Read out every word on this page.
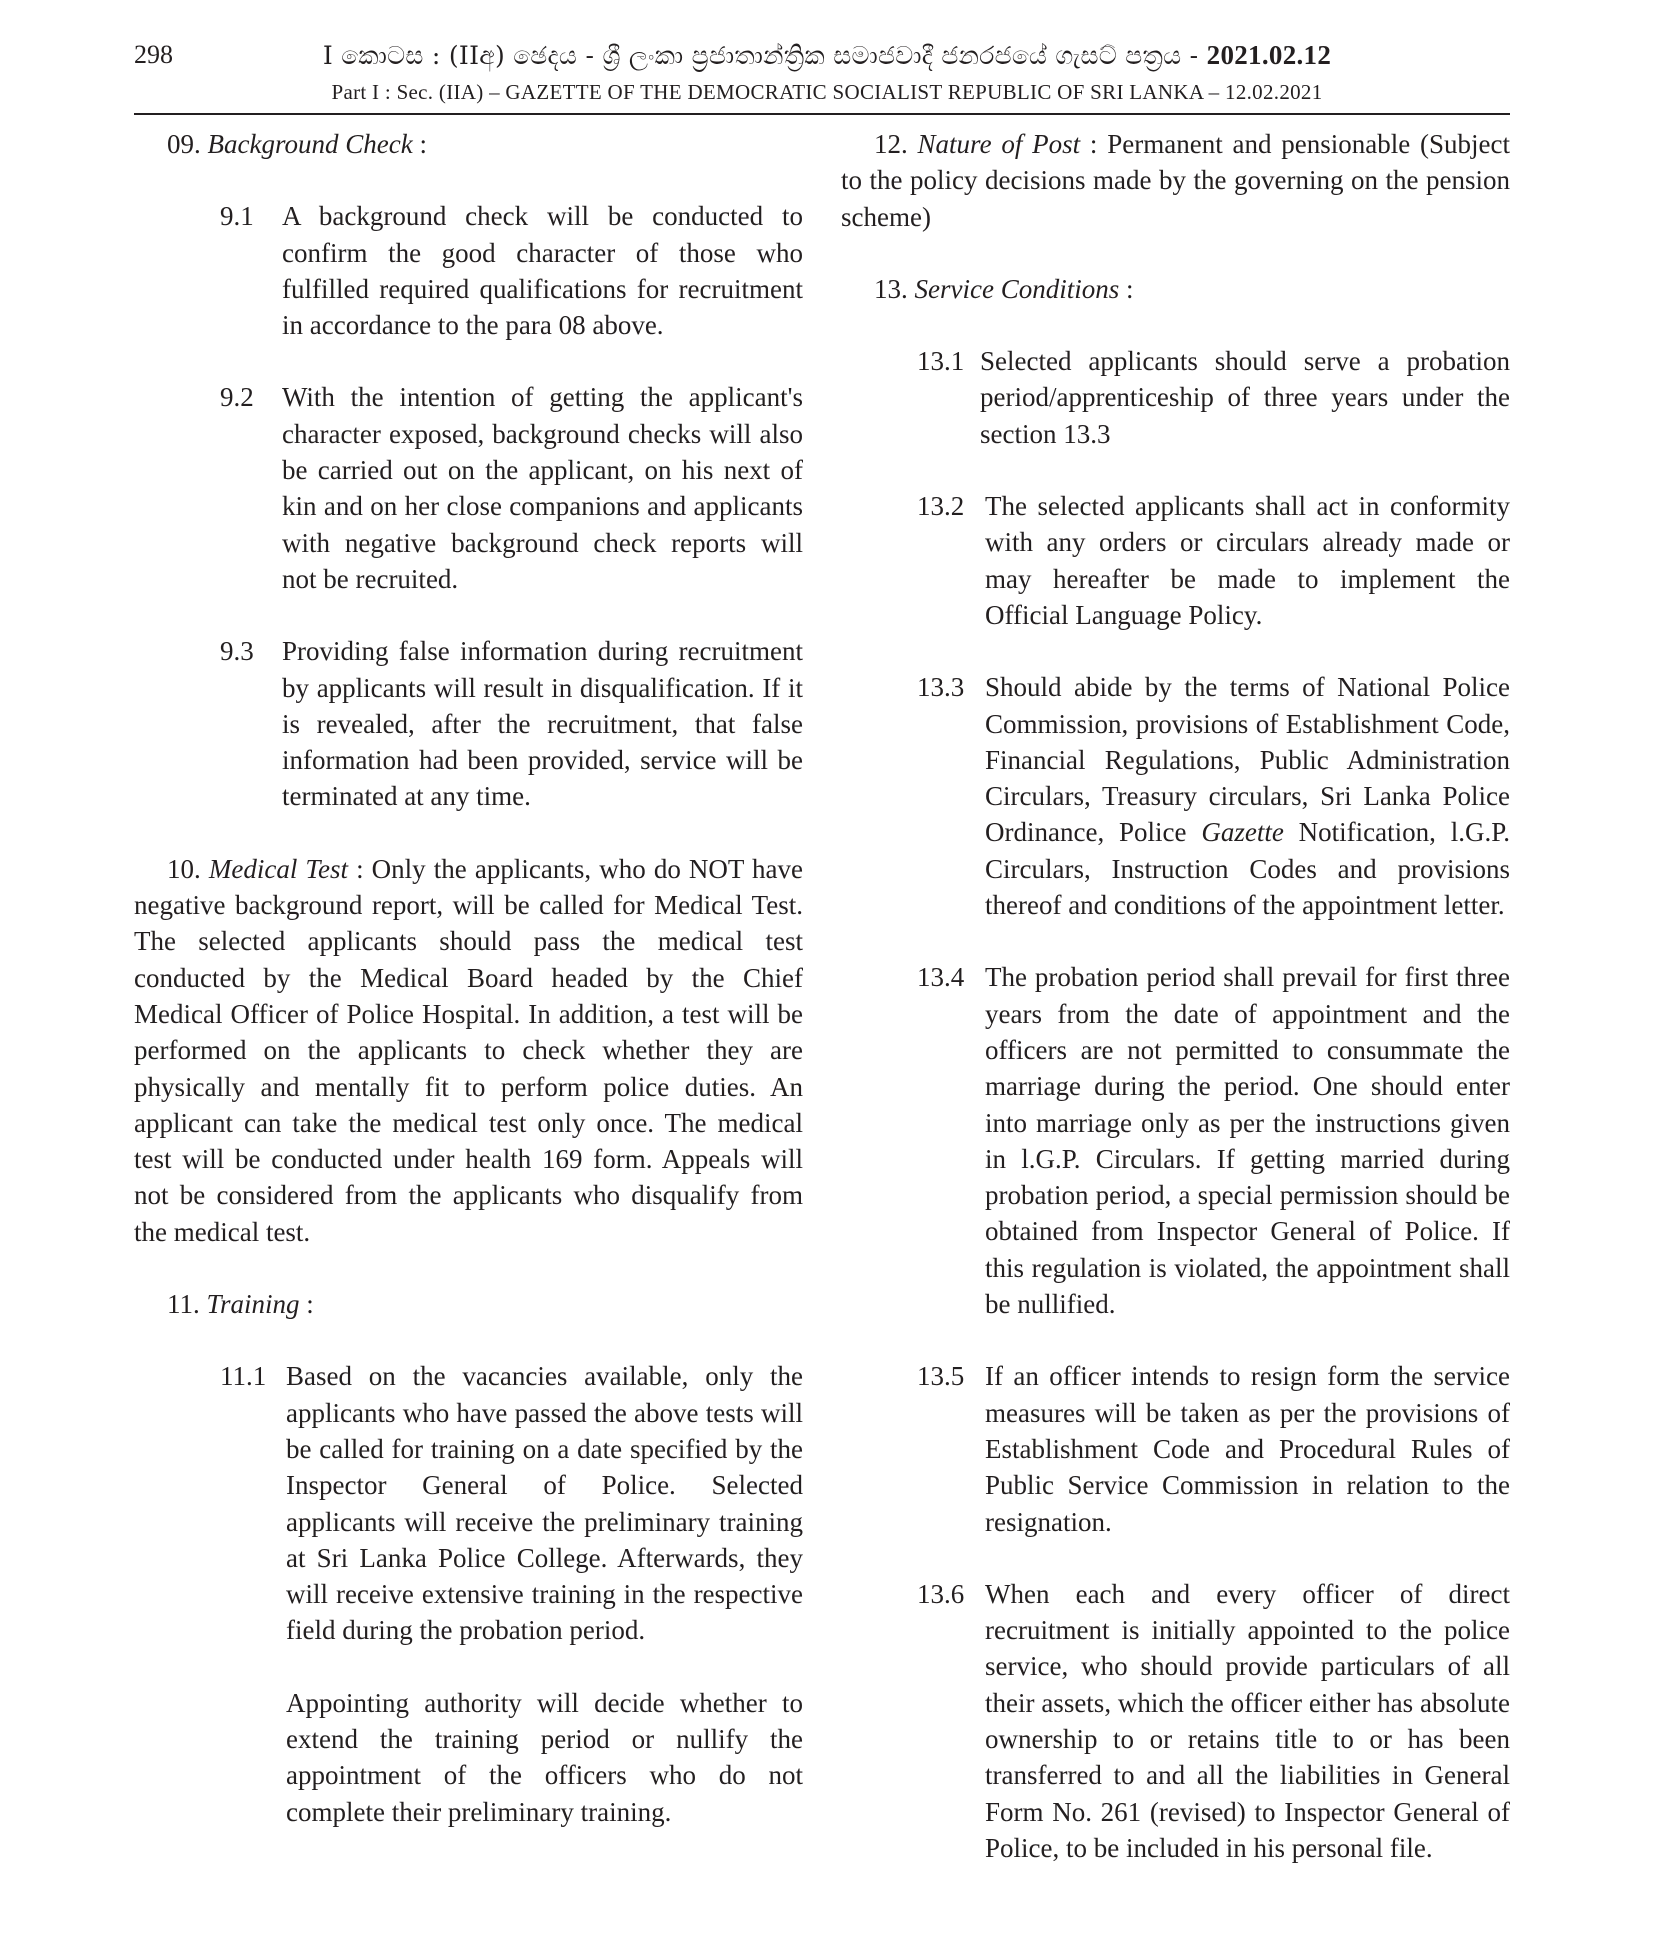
298	I කොටස : (IIඅ) ඡෙදය - ශ්‍රී ලංකා ප්‍රජාතාන්ත්‍රික සමාජවාදී ජනරජයේ ගැසට් පත්‍රය - 2021.02.12
Part I : Sec. (IIA) – GAZETTE OF THE DEMOCRATIC SOCIALIST REPUBLIC OF SRI LANKA – 12.02.2021

09. Background Check :

9.1	A background check will be conducted to confirm the good character of those who fulfilled required qualifications for recruitment in accordance to the para 08 above.
9.2	With the intention of getting the applicant's character exposed, background checks will also be carried out on the applicant, on his next of kin and on her close companions and applicants with negative background check reports will not be recruited.
9.3	Providing false information during recruitment by applicants will result in disqualification. If it is revealed, after the recruitment, that false information had been provided, service will be terminated at any time.

10. Medical Test : Only the applicants, who do NOT have negative background report, will be called for Medical Test. The selected applicants should pass the medical test conducted by the Medical Board headed by the Chief Medical Officer of Police Hospital. In addition, a test will be performed on the applicants to check whether they are physically and mentally fit to perform police duties. An applicant can take the medical test only once. The medical test will be conducted under health 169 form. Appeals will not be considered from the applicants who disqualify from the medical test.

11. Training :

11.1 Based on the vacancies available, only the applicants who have passed the above tests will be called for training on a date specified by the Inspector General of Police. Selected applicants will receive the preliminary training at Sri Lanka Police College. Afterwards, they will receive extensive training in the respective field during the probation period.

Appointing authority will decide whether to extend the training period or nullify the appointment of the officers who do not complete their preliminary training.

12. Nature of Post : Permanent and pensionable (Subject to the policy decisions made by the governing on the pension scheme)

13. Service Conditions :

13.1 Selected applicants should serve a probation period/apprenticeship of three years under the section 13.3
13.2 The selected applicants shall act in conformity with any orders or circulars already made or may hereafter be made to implement the Official Language Policy.
13.3 Should abide by the terms of National Police Commission, provisions of Establishment Code, Financial Regulations, Public Administration Circulars, Treasury circulars, Sri Lanka Police Ordinance, Police Gazette Notification, l.G.P. Circulars, Instruction Codes and provisions thereof and conditions of the appointment letter.
13.4 The probation period shall prevail for first three years from the date of appointment and the officers are not permitted to consummate the marriage during the period. One should enter into marriage only as per the instructions given in l.G.P. Circulars. If getting married during probation period, a special permission should be obtained from Inspector General of Police. If this regulation is violated, the appointment shall be nullified.
13.5 If an officer intends to resign form the service measures will be taken as per the provisions of Establishment Code and Procedural Rules of Public Service Commission in relation to the resignation.
13.6 When each and every officer of direct recruitment is initially appointed to the police service, who should provide particulars of all their assets, which the officer either has absolute ownership to or retains title to or has been transferred to and all the liabilities in General Form No. 261 (revised) to Inspector General of Police, to be included in his personal file.
